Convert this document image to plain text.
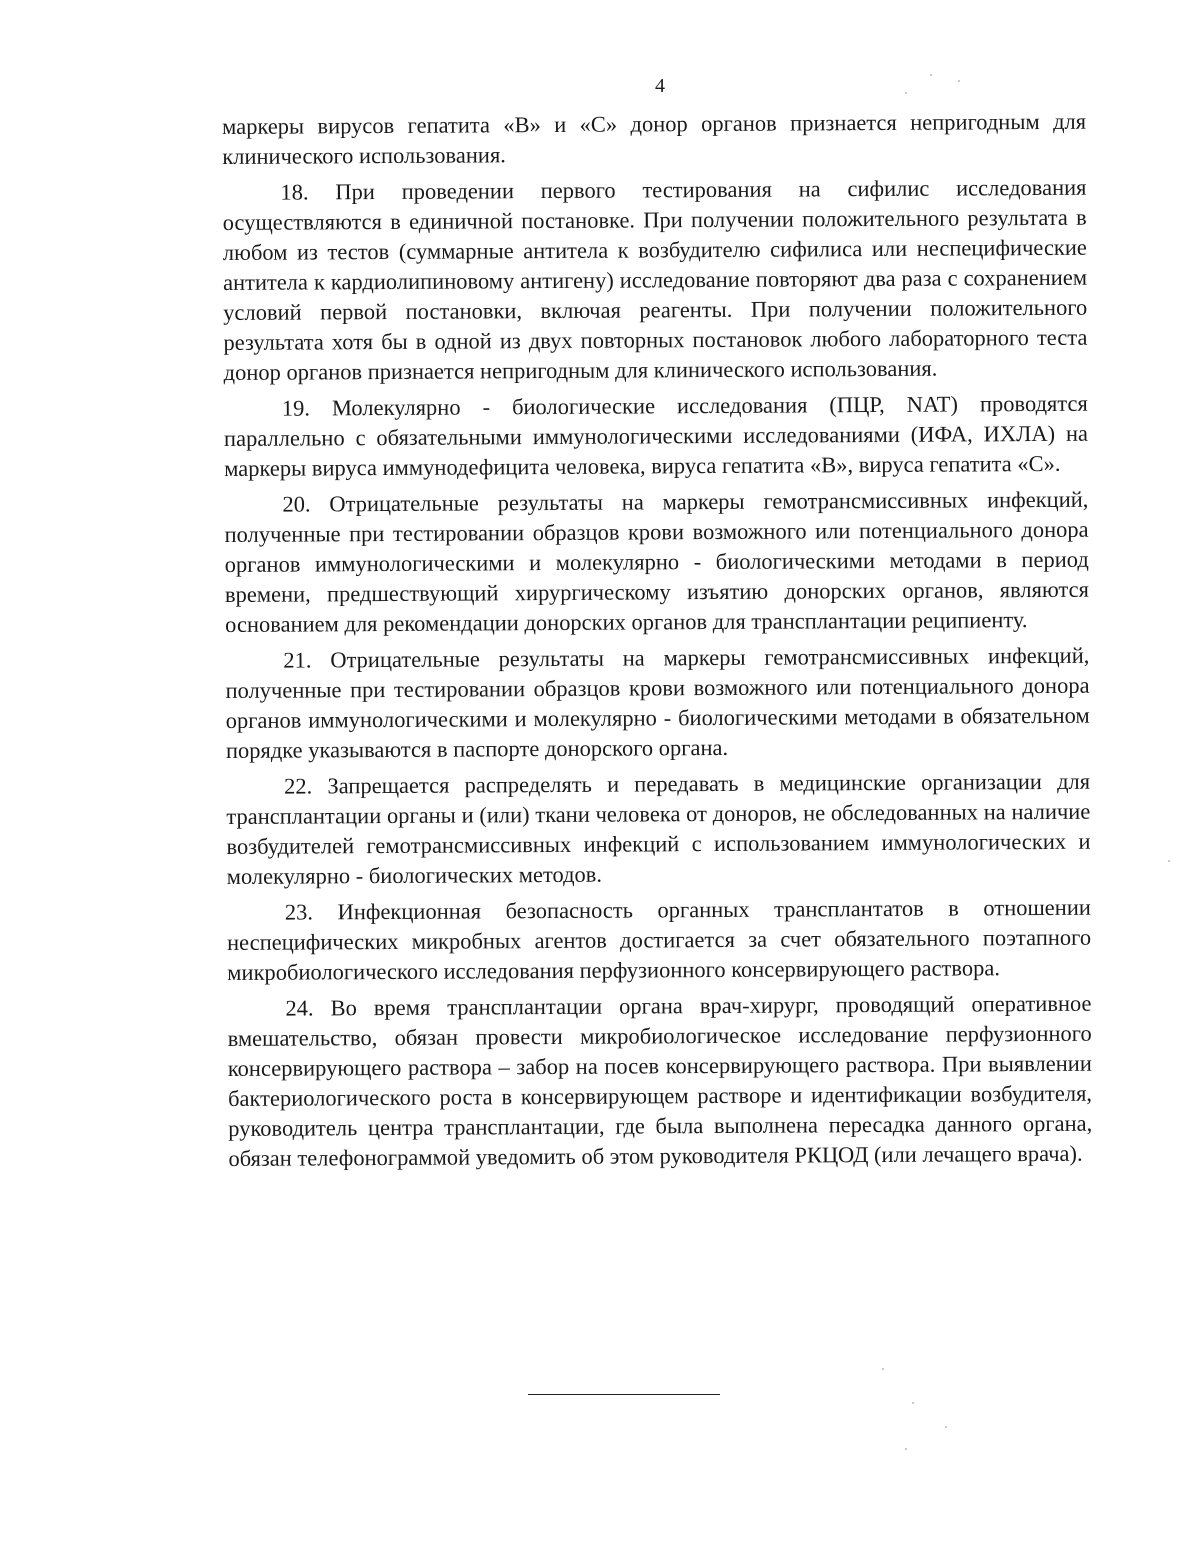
4

маркеры вирусов гепатита «В» и «С» донор органов признается непригодным для клинического использования.

18. При проведении первого тестирования на сифилис исследования осуществляются в единичной постановке. При получении положительного результата в любом из тестов (суммарные антитела к возбудителю сифилиса или неспецифические антитела к кардиолипиновому антигену) исследование повторяют два раза с сохранением условий первой постановки, включая реагенты. При получении положительного результата хотя бы в одной из двух повторных постановок любого лабораторного теста донор органов признается непригодным для клинического использования.

19. Молекулярно - биологические исследования (ПЦР, NAT) проводятся параллельно с обязательными иммунологическими исследованиями (ИФА, ИХЛА) на маркеры вируса иммунодефицита человека, вируса гепатита «В», вируса гепатита «С».

20. Отрицательные результаты на маркеры гемотрансмиссивных инфекций, полученные при тестировании образцов крови возможного или потенциального донора органов иммунологическими и молекулярно - биологическими методами в период времени, предшествующий хирургическому изъятию донорских органов, являются основанием для рекомендации донорских органов для трансплантации реципиенту.

21. Отрицательные результаты на маркеры гемотрансмиссивных инфекций, полученные при тестировании образцов крови возможного или потенциального донора органов иммунологическими и молекулярно - биологическими методами в обязательном порядке указываются в паспорте донорского органа.

22. Запрещается распределять и передавать в медицинские организации для трансплантации органы и (или) ткани человека от доноров, не обследованных на наличие возбудителей гемотрансмиссивных инфекций с использованием иммунологических и молекулярно - биологических методов.

23. Инфекционная безопасность органных трансплантатов в отношении неспецифических микробных агентов достигается за счет обязательного поэтапного микробиологического исследования перфузионного консервирующего раствора.

24. Во время трансплантации органа врач-хирург, проводящий оперативное вмешательство, обязан провести микробиологическое исследование перфузионного консервирующего раствора – забор на посев консервирующего раствора. При выявлении бактериологического роста в консервирующем растворе и идентификации возбудителя, руководитель центра трансплантации, где была выполнена пересадка данного органа, обязан телефонограммой уведомить об этом руководителя РКЦОД (или лечащего врача).
